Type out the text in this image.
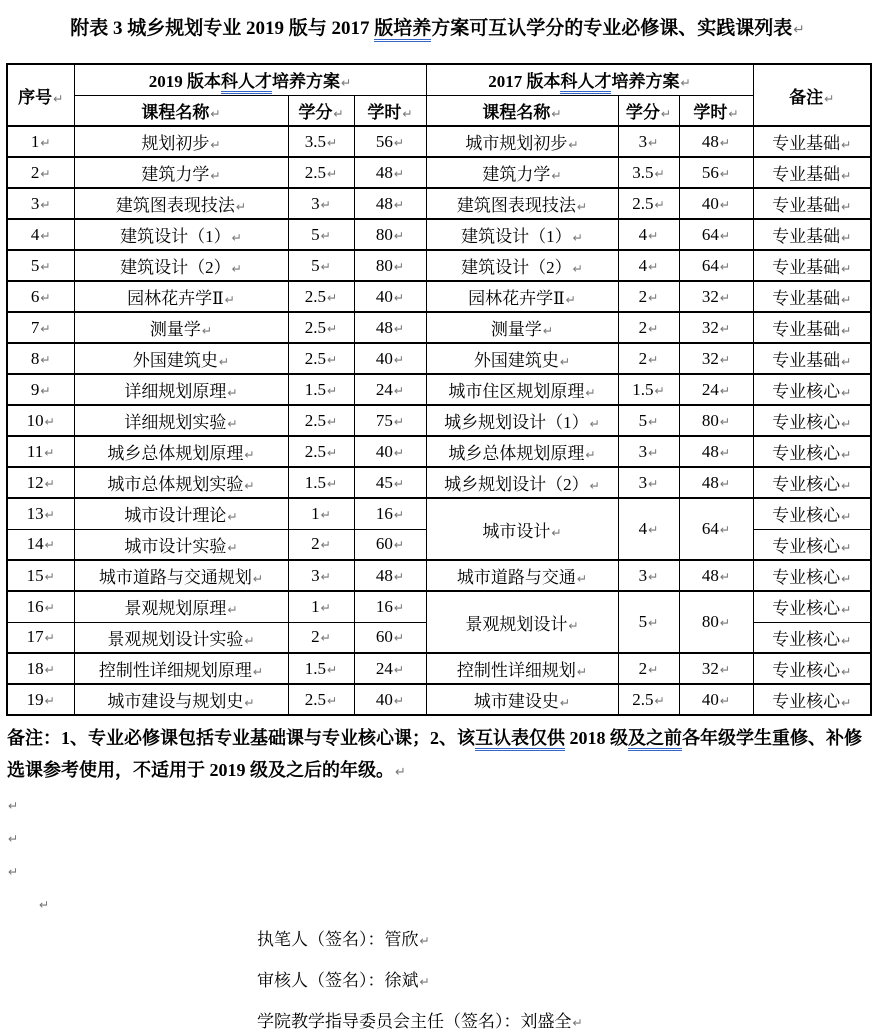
附表 3 城乡规划专业 2019 版与 2017 版培养方案可互认学分的专业必修课、实践课列表↵
序号↵	2019 版本科人才培养方案↵			2017 版本科人才培养方案↵			备注↵
	课程名称↵	学分↵	学时↵	课程名称↵	学分↵	学时↵	
1↵	规划初步↵	3.5↵	56↵	城市规划初步↵	3↵	48↵	专业基础↵
2↵	建筑力学↵	2.5↵	48↵	建筑力学↵	3.5↵	56↵	专业基础↵
3↵	建筑图表现技法↵	3↵	48↵	建筑图表现技法↵	2.5↵	40↵	专业基础↵
4↵	建筑设计（1）↵	5↵	80↵	建筑设计（1）↵	4↵	64↵	专业基础↵
5↵	建筑设计（2）↵	5↵	80↵	建筑设计（2）↵	4↵	64↵	专业基础↵
6↵	园林花卉学Ⅱ↵	2.5↵	40↵	园林花卉学Ⅱ↵	2↵	32↵	专业基础↵
7↵	测量学↵	2.5↵	48↵	测量学↵	2↵	32↵	专业基础↵
8↵	外国建筑史↵	2.5↵	40↵	外国建筑史↵	2↵	32↵	专业基础↵
9↵	详细规划原理↵	1.5↵	24↵	城市住区规划原理↵	1.5↵	24↵	专业核心↵
10↵	详细规划实验↵	2.5↵	75↵	城乡规划设计（1）↵	5↵	80↵	专业核心↵
11↵	城乡总体规划原理↵	2.5↵	40↵	城乡总体规划原理↵	3↵	48↵	专业核心↵
12↵	城市总体规划实验↵	1.5↵	45↵	城乡规划设计（2）↵	3↵	48↵	专业核心↵
13↵	城市设计理论↵	1↵	16↵	城市设计↵	4↵	64↵	专业核心↵
14↵	城市设计实验↵	2↵	60↵				专业核心↵
15↵	城市道路与交通规划↵	3↵	48↵	城市道路与交通↵	3↵	48↵	专业核心↵
16↵	景观规划原理↵	1↵	16↵	景观规划设计↵	5↵	80↵	专业核心↵
17↵	景观规划设计实验↵	2↵	60↵				专业核心↵
18↵	控制性详细规划原理↵	1.5↵	24↵	控制性详细规划↵	2↵	32↵	专业核心↵
19↵	城市建设与规划史↵	2.5↵	40↵	城市建设史↵	2.5↵	40↵	专业核心↵

备注：1、专业必修课包括专业基础课与专业核心课；2、该互认表仅供 2018 级及之前各年级学生重修、补修选课参考使用，不适用于 2019 级及之后的年级。↵

↵

↵

↵

↵

执笔人（签名）：管欣↵

审核人（签名）：徐斌↵

学院教学指导委员会主任（签名）：刘盛全↵
